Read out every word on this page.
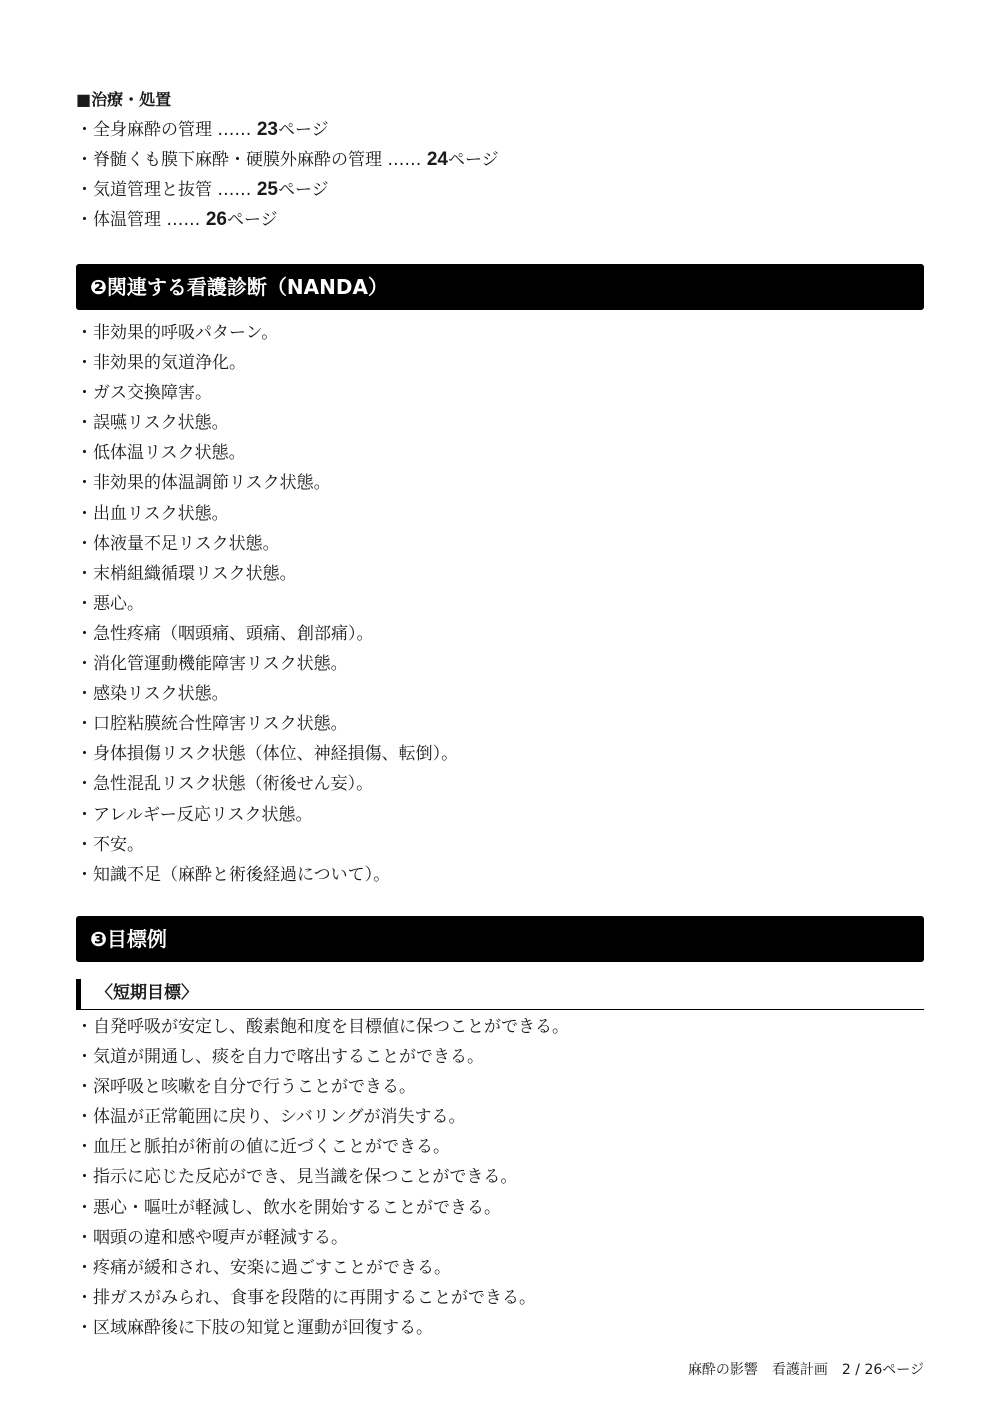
■治療・処置
・全身麻酔の管理 …… 23ページ
・脊髄くも膜下麻酔・硬膜外麻酔の管理 …… 24ページ
・気道管理と抜管 …… 25ページ
・体温管理 …… 26ページ
❷関連する看護診断（NANDA）
・非効果的呼吸パターン。
・非効果的気道浄化。
・ガス交換障害。
・誤嚥リスク状態。
・低体温リスク状態。
・非効果的体温調節リスク状態。
・出血リスク状態。
・体液量不足リスク状態。
・末梢組織循環リスク状態。
・悪心。
・急性疼痛（咽頭痛、頭痛、創部痛）。
・消化管運動機能障害リスク状態。
・感染リスク状態。
・口腔粘膜統合性障害リスク状態。
・身体損傷リスク状態（体位、神経損傷、転倒）。
・急性混乱リスク状態（術後せん妄）。
・アレルギー反応リスク状態。
・不安。
・知識不足（麻酔と術後経過について）。
❸目標例
〈短期目標〉
・自発呼吸が安定し、酸素飽和度を目標値に保つことができる。
・気道が開通し、痰を自力で喀出することができる。
・深呼吸と咳嗽を自分で行うことができる。
・体温が正常範囲に戻り、シバリングが消失する。
・血圧と脈拍が術前の値に近づくことができる。
・指示に応じた反応ができ、見当識を保つことができる。
・悪心・嘔吐が軽減し、飲水を開始することができる。
・咽頭の違和感や嗄声が軽減する。
・疼痛が緩和され、安楽に過ごすことができる。
・排ガスがみられ、食事を段階的に再開することができる。
・区域麻酔後に下肢の知覚と運動が回復する。
麻酔の影響　看護計画　2 / 26ページ
